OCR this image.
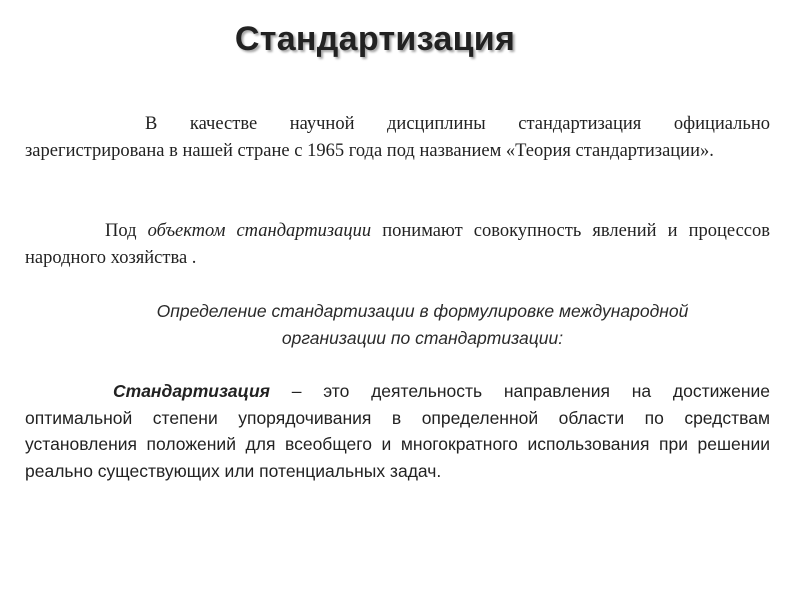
Стандартизация

В качестве научной дисциплины стандартизация официально зарегистрирована в нашей стране с 1965 года под названием «Теория стандартизации».

Под объектом стандартизации понимают совокупность явлений и процессов народного хозяйства .

Определение стандартизации в формулировке международной
организации по стандартизации:

Стандартизация – это деятельность направления на достижение оптимальной степени упорядочивания в определенной области по средствам установления положений для всеобщего и многократного использования при решении реально существующих или потенциальных задач.
